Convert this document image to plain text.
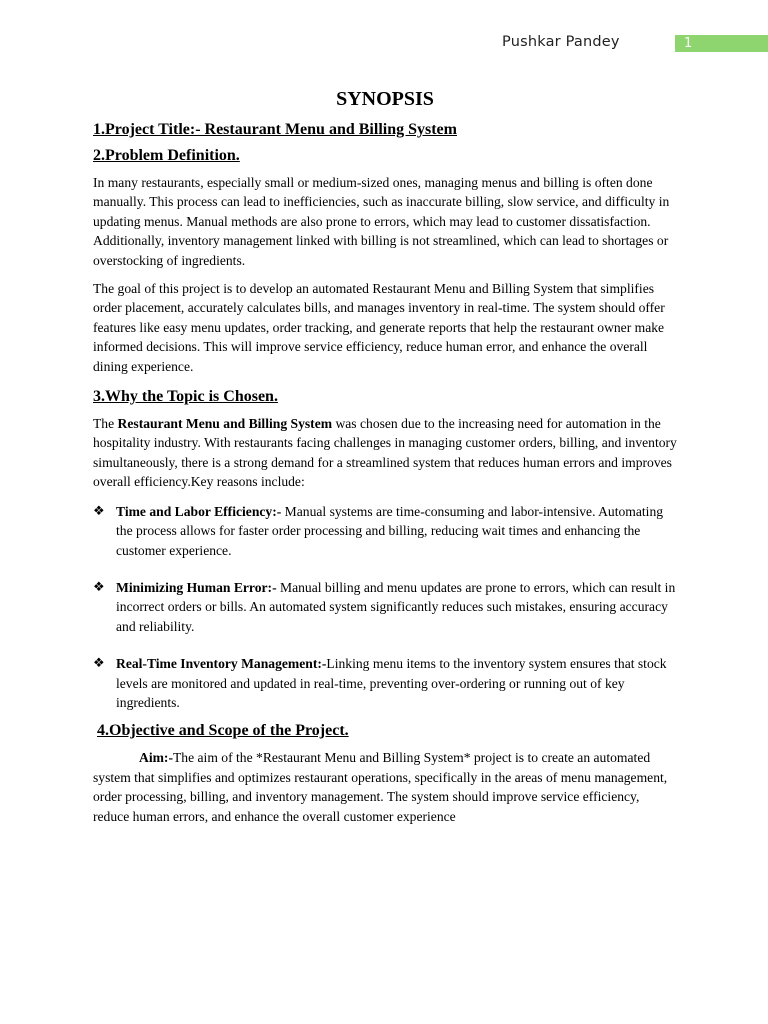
Pushkar Pandey	1
SYNOPSIS
1.Project Title:- Restaurant Menu and Billing System
2.Problem Definition.

In many restaurants, especially small or medium-sized ones, managing menus and billing is often done manually. This process can lead to inefficiencies, such as inaccurate billing, slow service, and difficulty in updating menus. Manual methods are also prone to errors, which may lead to customer dissatisfaction. Additionally, inventory management linked with billing is not streamlined, which can lead to shortages or overstocking of ingredients.

The goal of this project is to develop an automated Restaurant Menu and Billing System that simplifies order placement, accurately calculates bills, and manages inventory in real-time. The system should offer features like easy menu updates, order tracking, and generate reports that help the restaurant owner make informed decisions. This will improve service efficiency, reduce human error, and enhance the overall dining experience.

3.Why the Topic is Chosen.

The Restaurant Menu and Billing System was chosen due to the increasing need for automation in the hospitality industry. With restaurants facing challenges in managing customer orders, billing, and inventory simultaneously, there is a strong demand for a streamlined system that reduces human errors and improves overall efficiency.Key reasons include:

❖ Time and Labor Efficiency:- Manual systems are time-consuming and labor-intensive. Automating the process allows for faster order processing and billing, reducing wait times and enhancing the customer experience.
❖ Minimizing Human Error:- Manual billing and menu updates are prone to errors, which can result in incorrect orders or bills. An automated system significantly reduces such mistakes, ensuring accuracy and reliability.
❖ Real-Time Inventory Management:-Linking menu items to the inventory system ensures that stock levels are monitored and updated in real-time, preventing over-ordering or running out of key ingredients.
4.Objective and Scope of the Project.

Aim:-The aim of the *Restaurant Menu and Billing System* project is to create an automated system that simplifies and optimizes restaurant operations, specifically in the areas of menu management, order processing, billing, and inventory management. The system should improve service efficiency, reduce human errors, and enhance the overall customer experience
